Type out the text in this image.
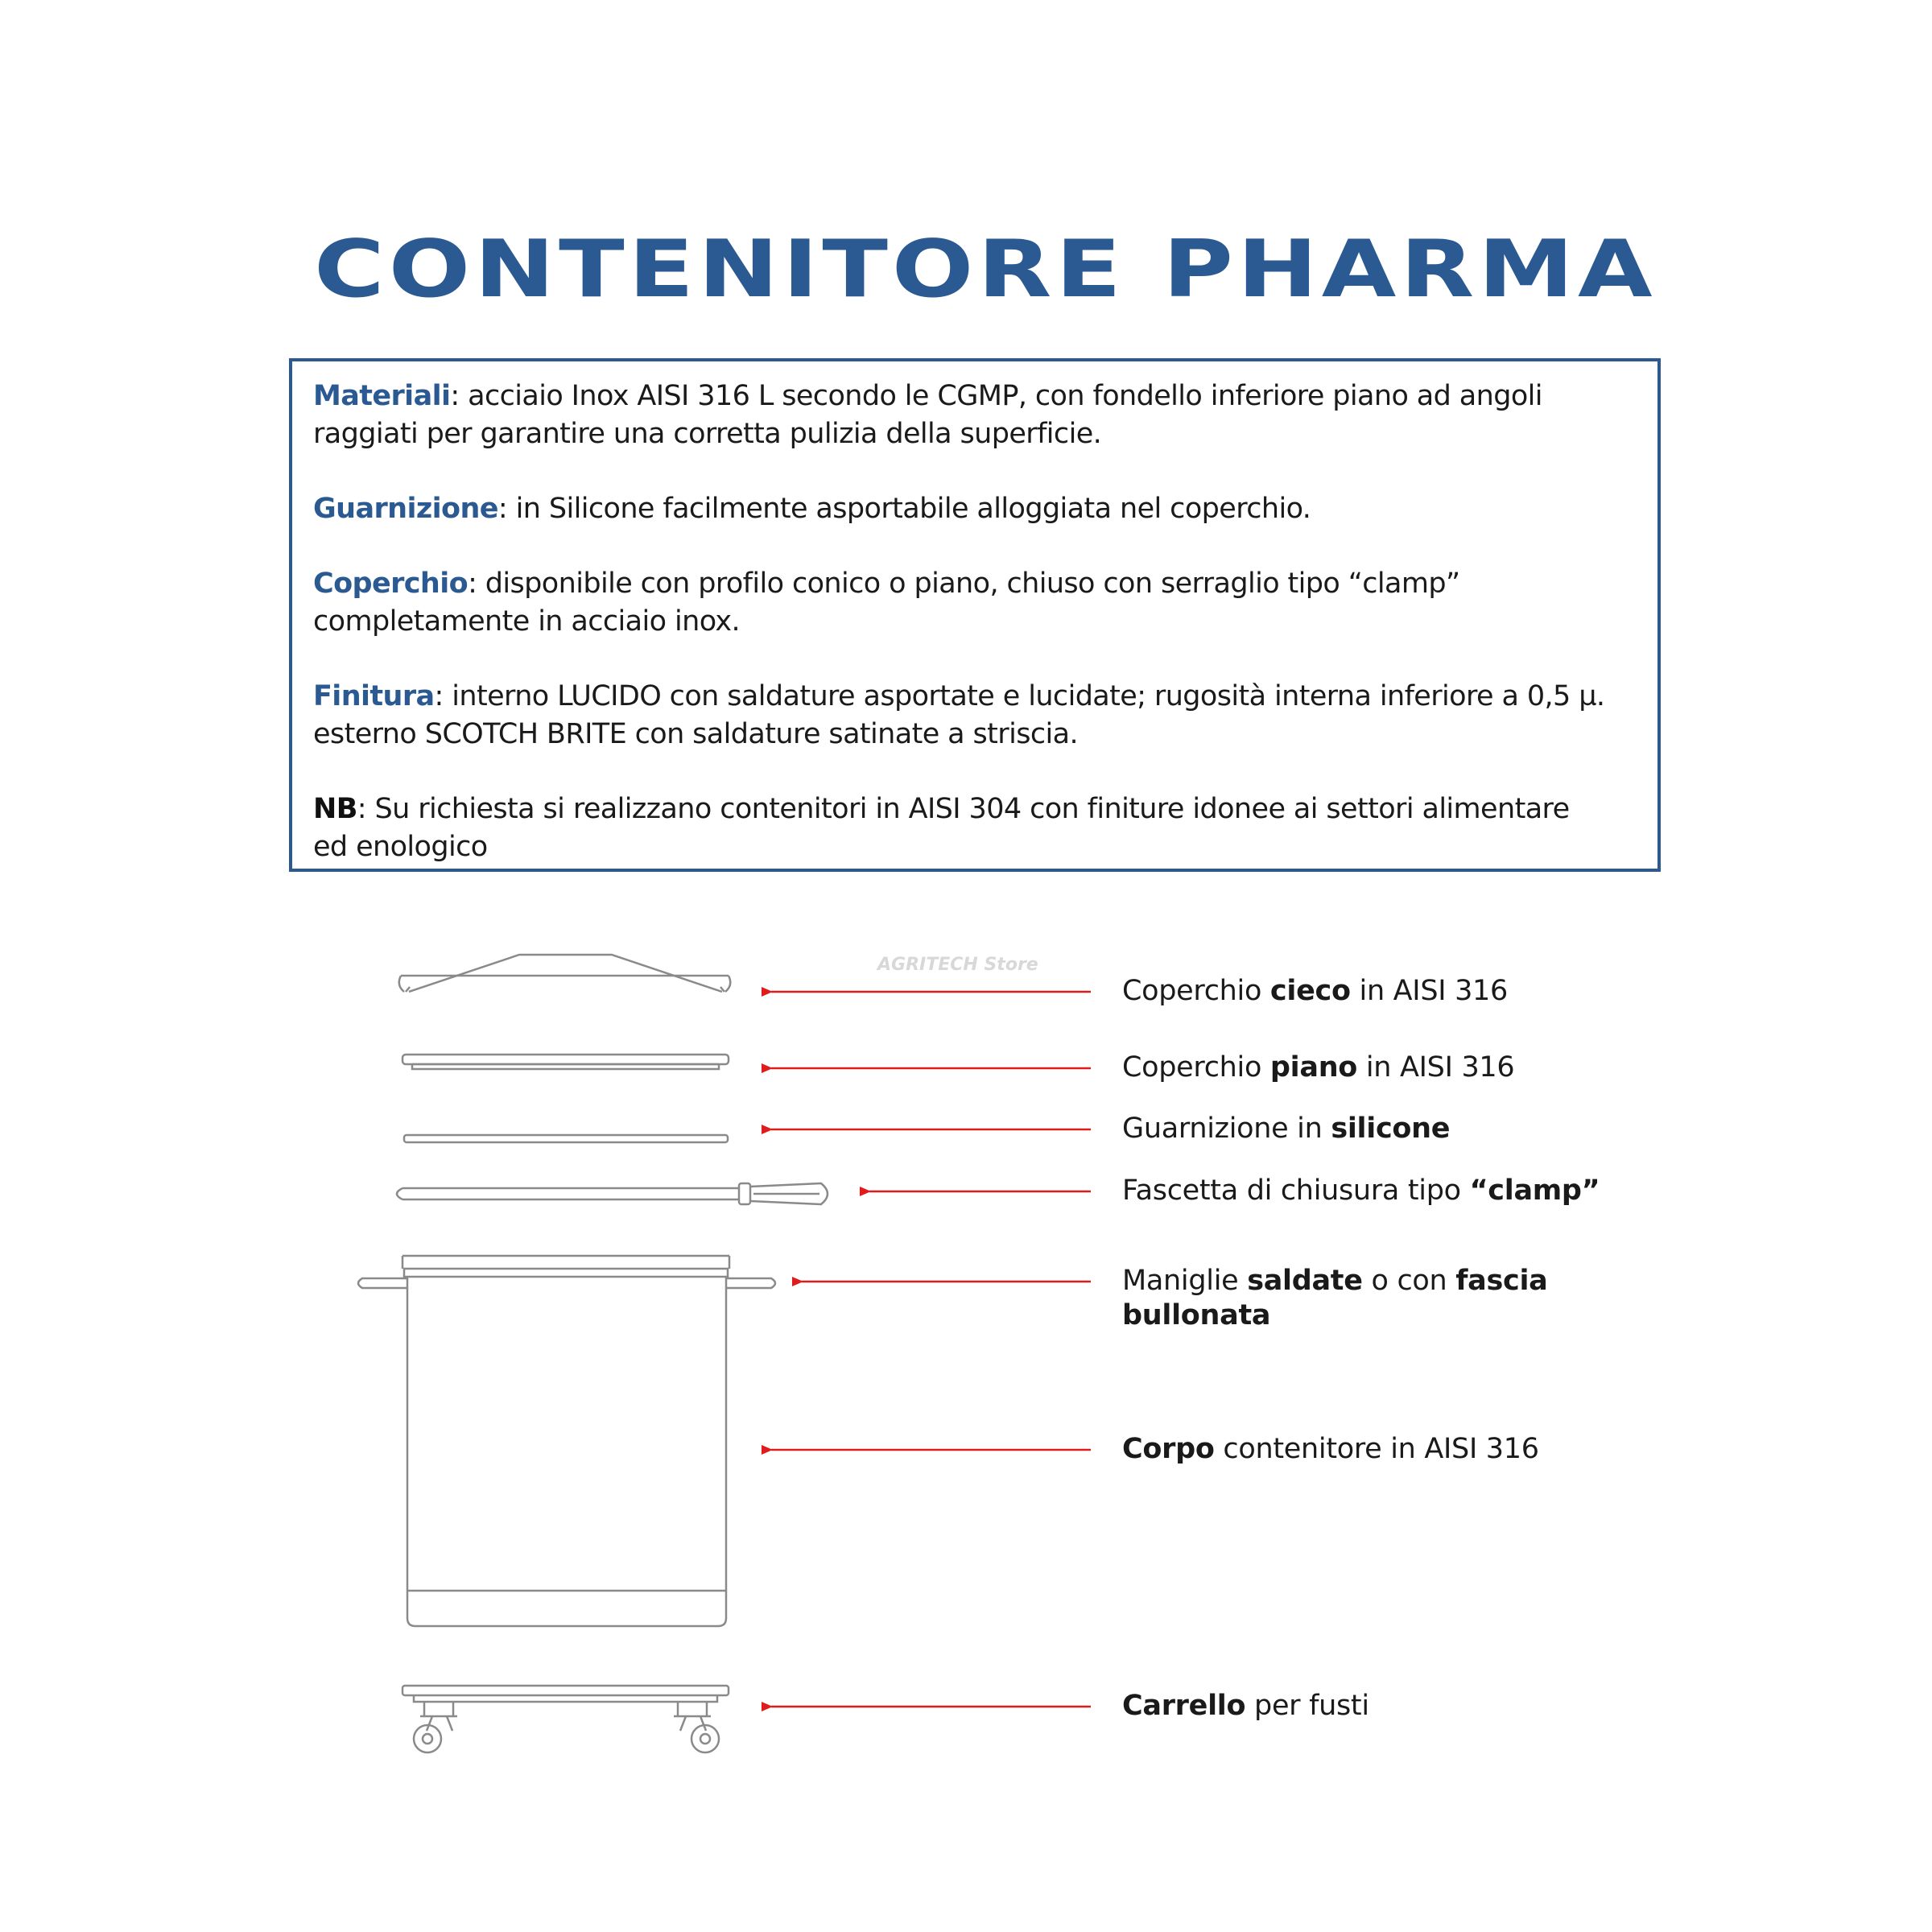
CONTENITORE PHARMA

Materiali: acciaio Inox AISI 316 L secondo le CGMP, con fondello inferiore piano ad angoli
raggiati per garantire una corretta pulizia della superficie.

Guarnizione: in Silicone facilmente asportabile alloggiata nel coperchio.

Coperchio: disponibile con profilo conico o piano, chiuso con serraglio tipo “clamp”
completamente in acciaio inox.

Finitura: interno LUCIDO con saldature asportate e lucidate; rugosità interna inferiore a 0,5 µ.
esterno SCOTCH BRITE con saldature satinate a striscia.

NB: Su richiesta si realizzano contenitori in AISI 304 con finiture idonee ai settori alimentare
ed enologico

AGRITECH Store
Coperchio cieco in AISI 316
Coperchio piano in AISI 316
Guarnizione in silicone
Fascetta di chiusura tipo “clamp”
Maniglie saldate o con fascia
bullonata
Corpo contenitore in AISI 316
Carrello per fusti
